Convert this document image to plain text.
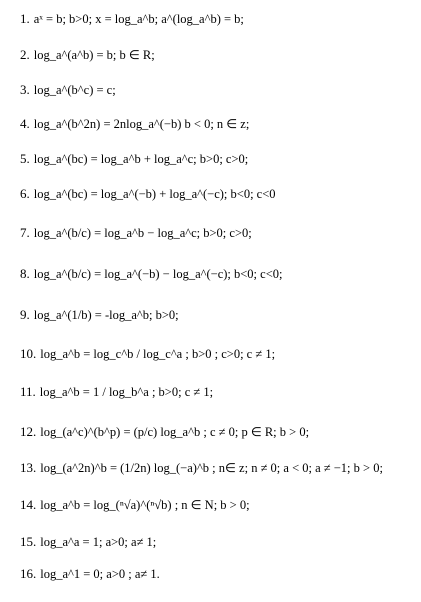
1. aˣ = b; b>0; x = log_a^b; a^(log_a^b) = b;
2. log_a^(a^b) = b; b ∈ R;
3. log_a^(b^c) = c;
4. log_a^(b^2n) = 2nlog_a^(−b) b < 0; n ∈ z;
5. log_a^(bc) = log_a^b + log_a^c; b>0; c>0;
6. log_a^(bc) = log_a^(−b) + log_a^(−c); b<0; c<0
7. log_a^(b/c) = log_a^b − log_a^c; b>0; c>0;
8. log_a^(b/c) = log_a^(−b) − log_a^(−c); b<0; c<0;
9. log_a^(1/b) = -log_a^b; b>0;
10. log_a^b = log_c^b / log_c^a ; b>0 ; c>0; c ≠ 1;
11. log_a^b = 1 / log_b^a ; b>0; c ≠ 1;
12. log_(a^c)^(b^p) = (p/c) log_a^b ; c ≠ 0; p ∈ R; b > 0;
13. log_(a^2n)^b = (1/2n) log_(−a)^b ; n∈ z; n ≠ 0; a < 0; a ≠ −1; b > 0;
14. log_a^b = log_(ⁿ√a)^(ⁿ√b) ; n ∈ N; b > 0;
15. log_a^a = 1; a>0; a≠ 1;
16. log_a^1 = 0; a>0 ; a≠ 1.
